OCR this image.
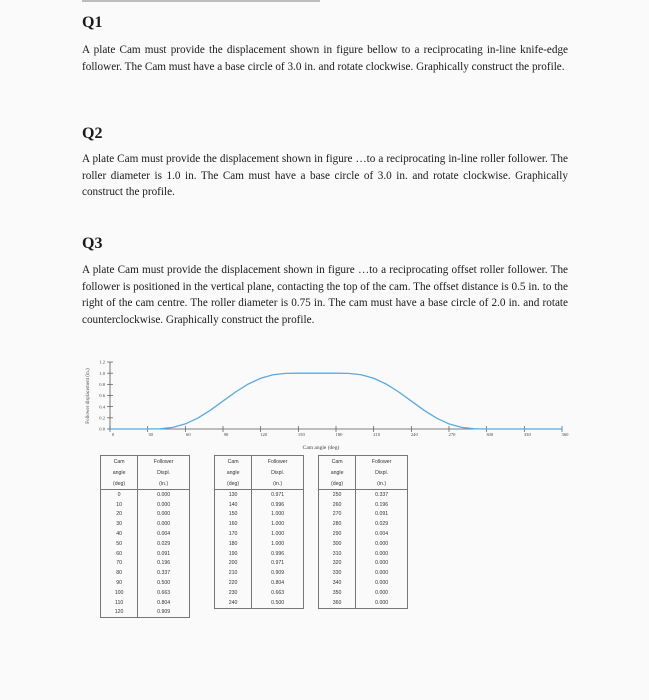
Q1

A plate Cam must provide the displacement shown in figure bellow to a reciprocating in-line knife-edge follower. The Cam must have a base circle of 3.0 in. and rotate clockwise. Graphically construct the profile.

Q2

A plate Cam must provide the displacement shown in figure …to a reciprocating in-line roller follower. The roller diameter is 1.0 in. The Cam must have a base circle of 3.0 in. and rotate clockwise. Graphically construct the profile.

Q3

A plate Cam must provide the displacement shown in figure …to a reciprocating offset roller follower. The follower is positioned in the vertical plane, contacting the top of the cam. The offset distance is 0.5 in. to the right of the cam centre. The roller diameter is 0.75 in. The cam must have a base circle of 2.0 in. and rotate counterclockwise. Graphically construct the profile.

0.0
0.2
0.4
0.6
0.8
1.0
1.2
0	30	60	90	120	150	180	210	240	270	300	330	360
Cam angle (deg)
Follower displacement (in.)
Cam	Follower
angle	Displ.
(deg)	(in.)
0	0.000
10	0.000
20	0.000
30	0.000
40	0.004
50	0.029
60	0.091
70	0.196
80	0.337
90	0.500
100	0.663
110	0.804
120	0.909
Cam	Follower
angle	Displ.
(deg)	(in.)
130	0.971
140	0.996
150	1.000
160	1.000
170	1.000
180	1.000
190	0.996
200	0.971
210	0.909
220	0.804
230	0.663
240	0.500
Cam	Follower
angle	Displ.
(deg)	(in.)
250	0.337
260	0.196
270	0.091
280	0.029
290	0.004
300	0.000
310	0.000
320	0.000
330	0.000
340	0.000
350	0.000
360	0.000
